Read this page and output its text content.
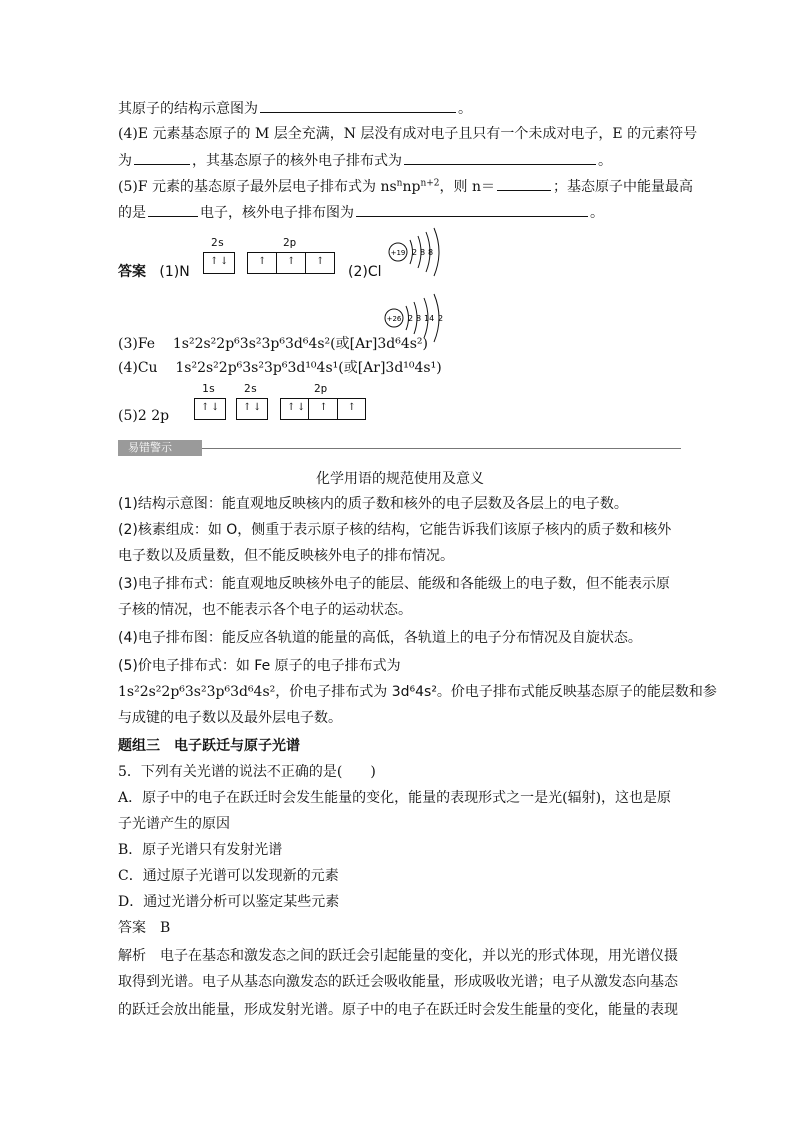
其原子的结构示意图为	。
(4)E 元素基态原子的 M 层全充满，N 层没有成对电子且只有一个未成对电子，E 的元素符号
为	，其基态原子的核外电子排布式为	。
(5)F 元素的基态原子最外层电子排布式为 $ns^nnp^{n+2}$，则 n＝	；基态原子中能量最高
的是	电子，核外电子排布图为	。
答案 (1)N
2s
↑ ↓
2p
↑ ↑ ↑
(2)Cl
+19 2 8 8
+26 2 8 14 2
(3)Fe 1s²2s²2p⁶3s²3p⁶3d⁶4s²(或[Ar]3d⁶4s²)
(4)Cu 1s²2s²2p⁶3s²3p⁶3d¹⁰4s¹(或[Ar]3d¹⁰4s¹)
(5)2 2p
1s
↑ ↓
2s
↑ ↓
2p
↑ ↓ ↑ ↑
易错警示
化学用语的规范使用及意义
(1)结构示意图：能直观地反映核内的质子数和核外的电子层数及各层上的电子数。
(2)核素组成：如 O，侧重于表示原子核的结构，它能告诉我们该原子核内的质子数和核外
电子数以及质量数，但不能反映核外电子的排布情况。
(3)电子排布式：能直观地反映核外电子的能层、能级和各能级上的电子数，但不能表示原
子核的情况，也不能表示各个电子的运动状态。
(4)电子排布图：能反应各轨道的能量的高低，各轨道上的电子分布情况及自旋状态。
(5)价电子排布式：如 Fe 原子的电子排布式为
1s²2s²2p⁶3s²3p⁶3d⁶4s²，价电子排布式为 3d⁶4s²。价电子排布式能反映基态原子的能层数和参
与成键的电子数以及最外层电子数。
题组三　电子跃迁与原子光谱
5．下列有关光谱的说法不正确的是(　　)
A．原子中的电子在跃迁时会发生能量的变化，能量的表现形式之一是光(辐射)，这也是原
子光谱产生的原因
B．原子光谱只有发射光谱
C．通过原子光谱可以发现新的元素
D．通过光谱分析可以鉴定某些元素
答案　B
解析　电子在基态和激发态之间的跃迁会引起能量的变化，并以光的形式体现，用光谱仪摄
取得到光谱。电子从基态向激发态的跃迁会吸收能量，形成吸收光谱；电子从激发态向基态
的跃迁会放出能量，形成发射光谱。原子中的电子在跃迁时会发生能量的变化，能量的表现
